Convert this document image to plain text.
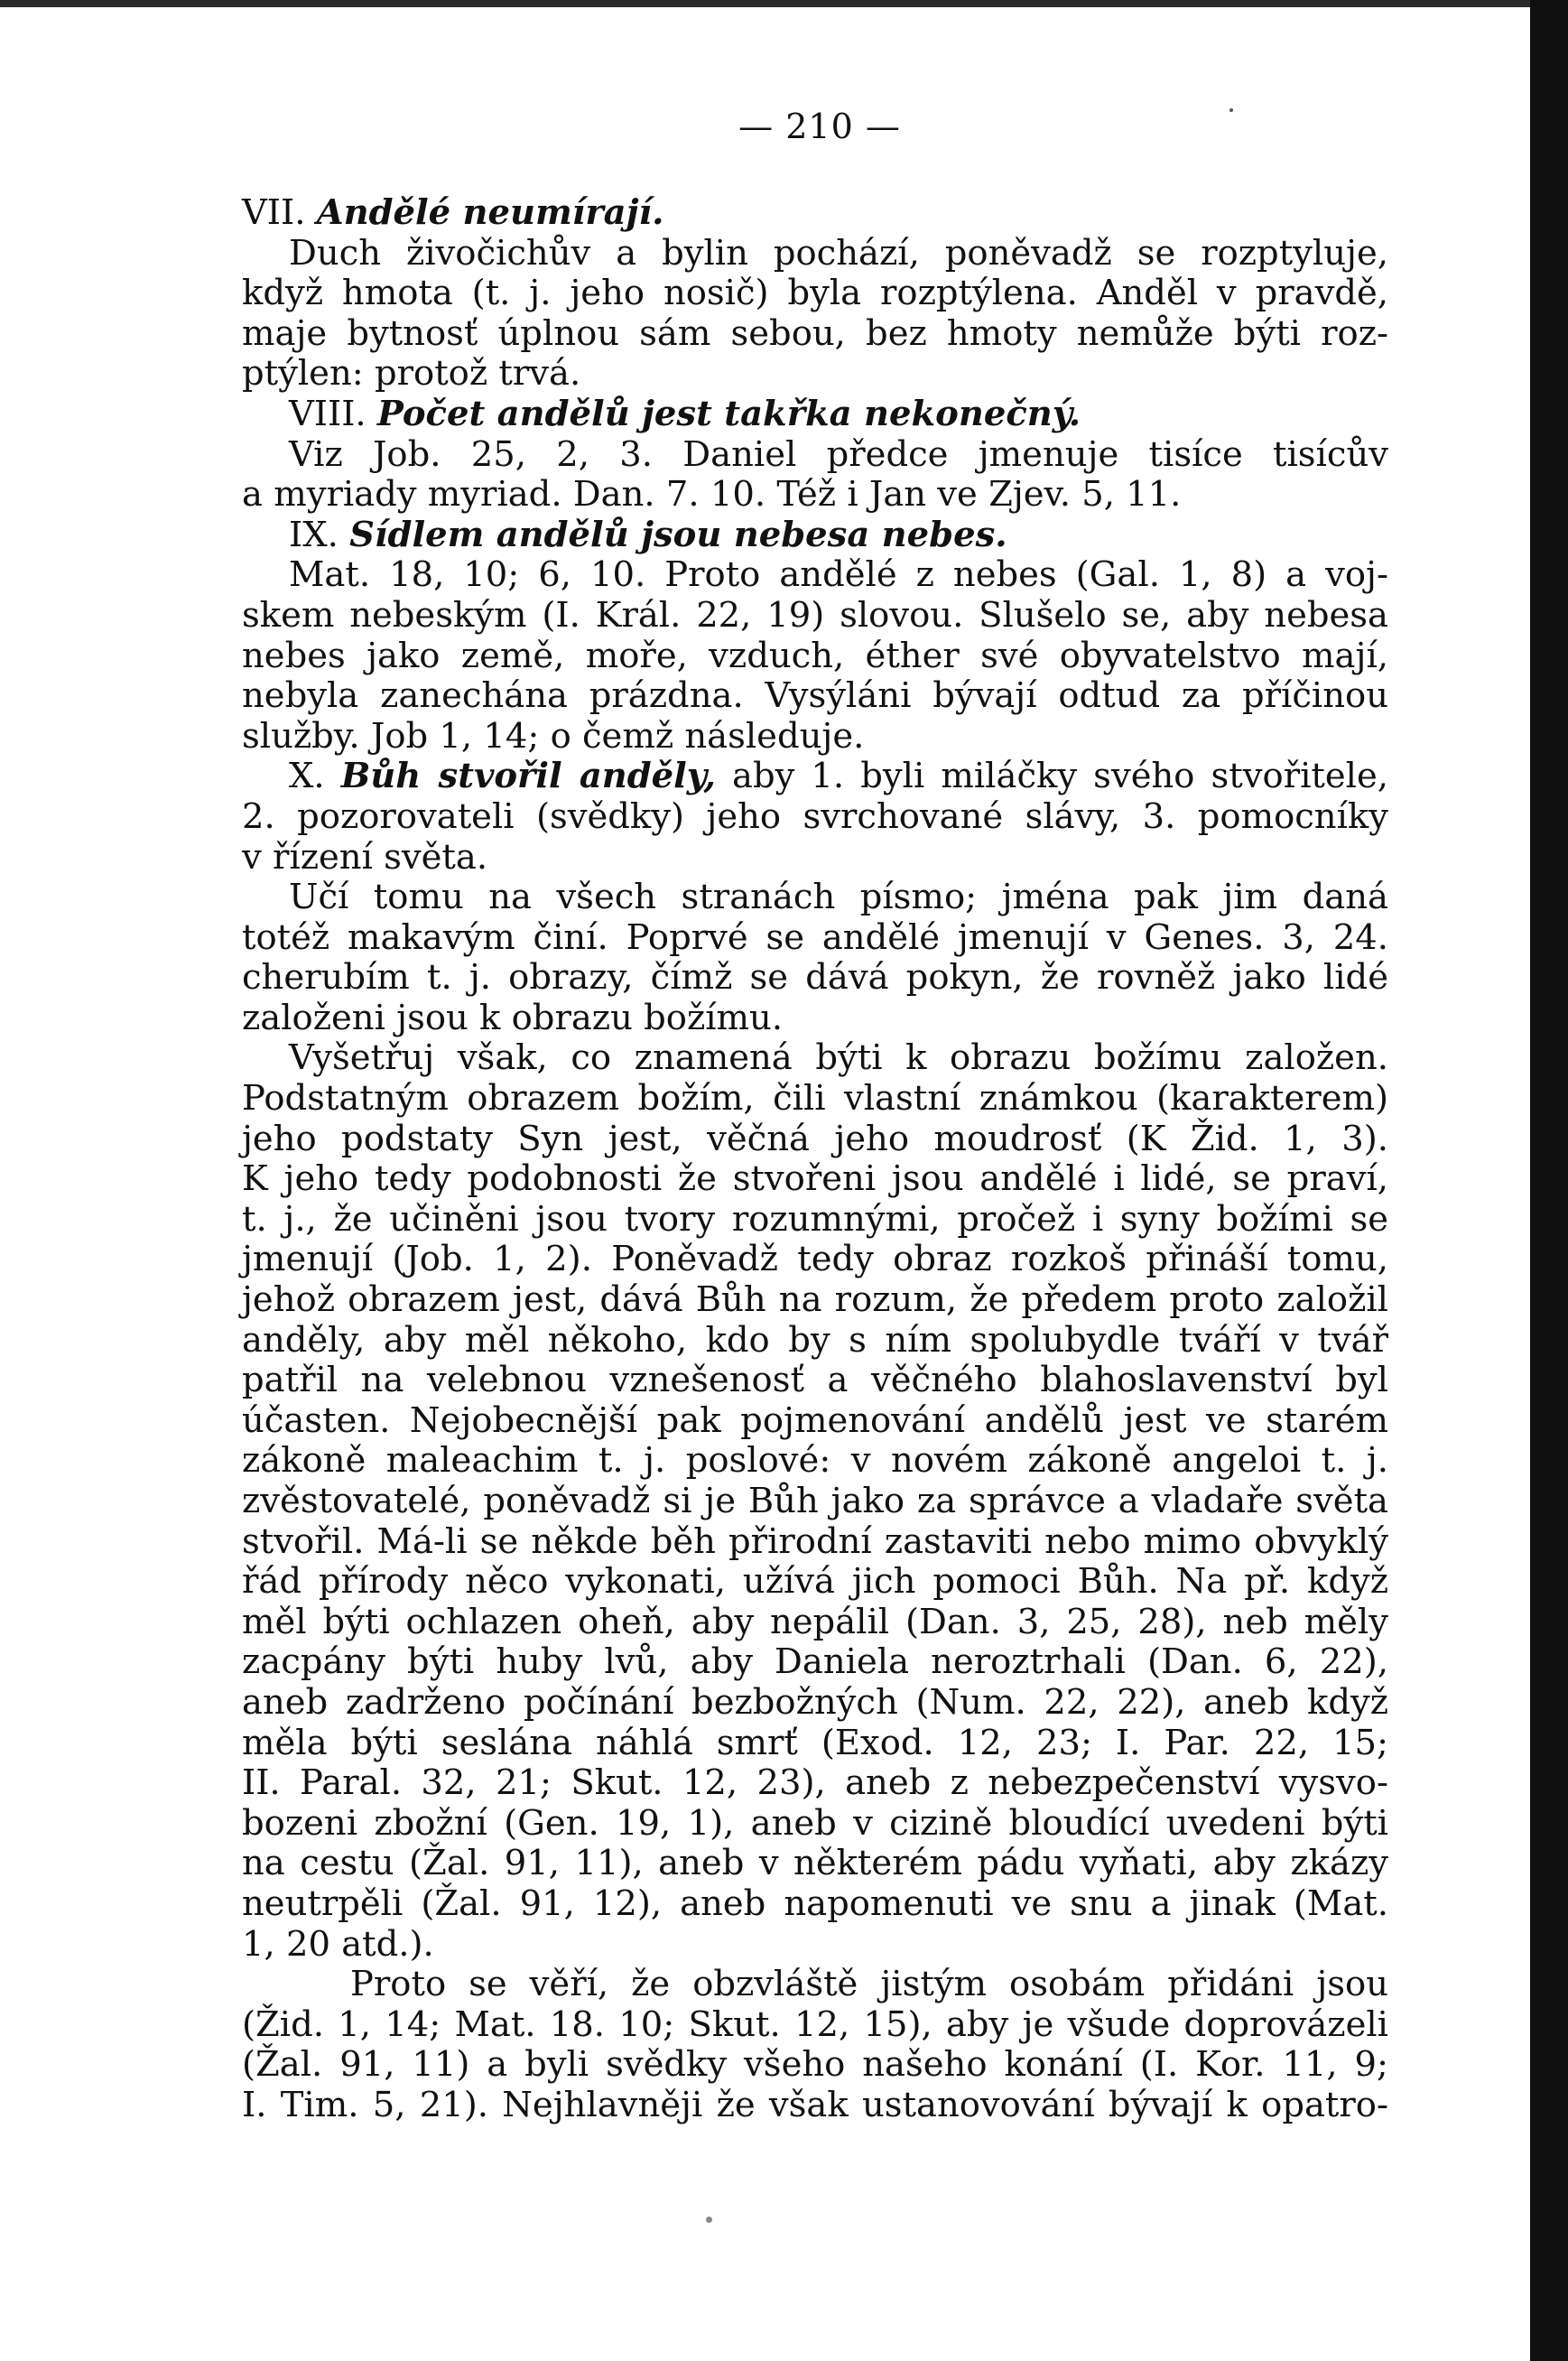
— 210 —
VII. Andělé neumírají.
Duch živočichův a bylin pochází, poněvadž se rozptyluje,
když hmota (t. j. jeho nosič) byla rozptýlena. Anděl v pravdě,
maje bytnosť úplnou sám sebou, bez hmoty nemůže býti roz-
ptýlen: protož trvá.
VIII. Počet andělů jest takřka nekonečný.
Viz Job. 25, 2, 3. Daniel předce jmenuje tisíce tisícův
a myriady myriad. Dan. 7. 10. Též i Jan ve Zjev. 5, 11.
IX. Sídlem andělů jsou nebesa nebes.
Mat. 18, 10; 6, 10. Proto andělé z nebes (Gal. 1, 8) a voj-
skem nebeským (I. Král. 22, 19) slovou. Slušelo se, aby nebesa
nebes jako země, moře, vzduch, éther své obyvatelstvo mají,
nebyla zanechána prázdna. Vysýláni bývají odtud za příčinou
služby. Job 1, 14; o čemž následuje.
X. Bůh stvořil anděly, aby 1. byli miláčky svého stvořitele,
2. pozorovateli (svědky) jeho svrchované slávy, 3. pomocníky
v řízení světa.
Učí tomu na všech stranách písmo; jména pak jim daná
totéž makavým činí. Poprvé se andělé jmenují v Genes. 3, 24.
cherubím t. j. obrazy, čímž se dává pokyn, že rovněž jako lidé
založeni jsou k obrazu božímu.
Vyšetřuj však, co znamená býti k obrazu božímu založen.
Podstatným obrazem božím, čili vlastní známkou (karakterem)
jeho podstaty Syn jest, věčná jeho moudrosť (K Žid. 1, 3).
K jeho tedy podobnosti že stvořeni jsou andělé i lidé, se praví,
t. j., že učiněni jsou tvory rozumnými, pročež i syny božími se
jmenují (Job. 1, 2). Poněvadž tedy obraz rozkoš přináší tomu,
jehož obrazem jest, dává Bůh na rozum, že předem proto založil
anděly, aby měl někoho, kdo by s ním spolubydle tváří v tvář
patřil na velebnou vznešenosť a věčného blahoslavenství byl
účasten. Nejobecnější pak pojmenování andělů jest ve starém
zákoně maleachim t. j. poslové: v novém zákoně angeloi t. j.
zvěstovatelé, poněvadž si je Bůh jako za správce a vladaře světa
stvořil. Má-li se někde běh přirodní zastaviti nebo mimo obvyklý
řád přírody něco vykonati, užívá jich pomoci Bůh. Na př. když
měl býti ochlazen oheň, aby nepálil (Dan. 3, 25, 28), neb měly
zacpány býti huby lvů, aby Daniela neroztrhali (Dan. 6, 22),
aneb zadrženo počínání bezbožných (Num. 22, 22), aneb když
měla býti seslána náhlá smrť (Exod. 12, 23; I. Par. 22, 15;
II. Paral. 32, 21; Skut. 12, 23), aneb z nebezpečenství vysvo-
bozeni zbožní (Gen. 19, 1), aneb v cizině bloudící uvedeni býti
na cestu (Žal. 91, 11), aneb v některém pádu vyňati, aby zkázy
neutrpěli (Žal. 91, 12), aneb napomenuti ve snu a jinak (Mat.
1, 20 atd.).
Proto se věří, že obzvláště jistým osobám přidáni jsou
(Žid. 1, 14; Mat. 18. 10; Skut. 12, 15), aby je všude doprovázeli
(Žal. 91, 11) a byli svědky všeho našeho konání (I. Kor. 11, 9;
I. Tim. 5, 21). Nejhlavněji že však ustanovování bývají k opatro-
